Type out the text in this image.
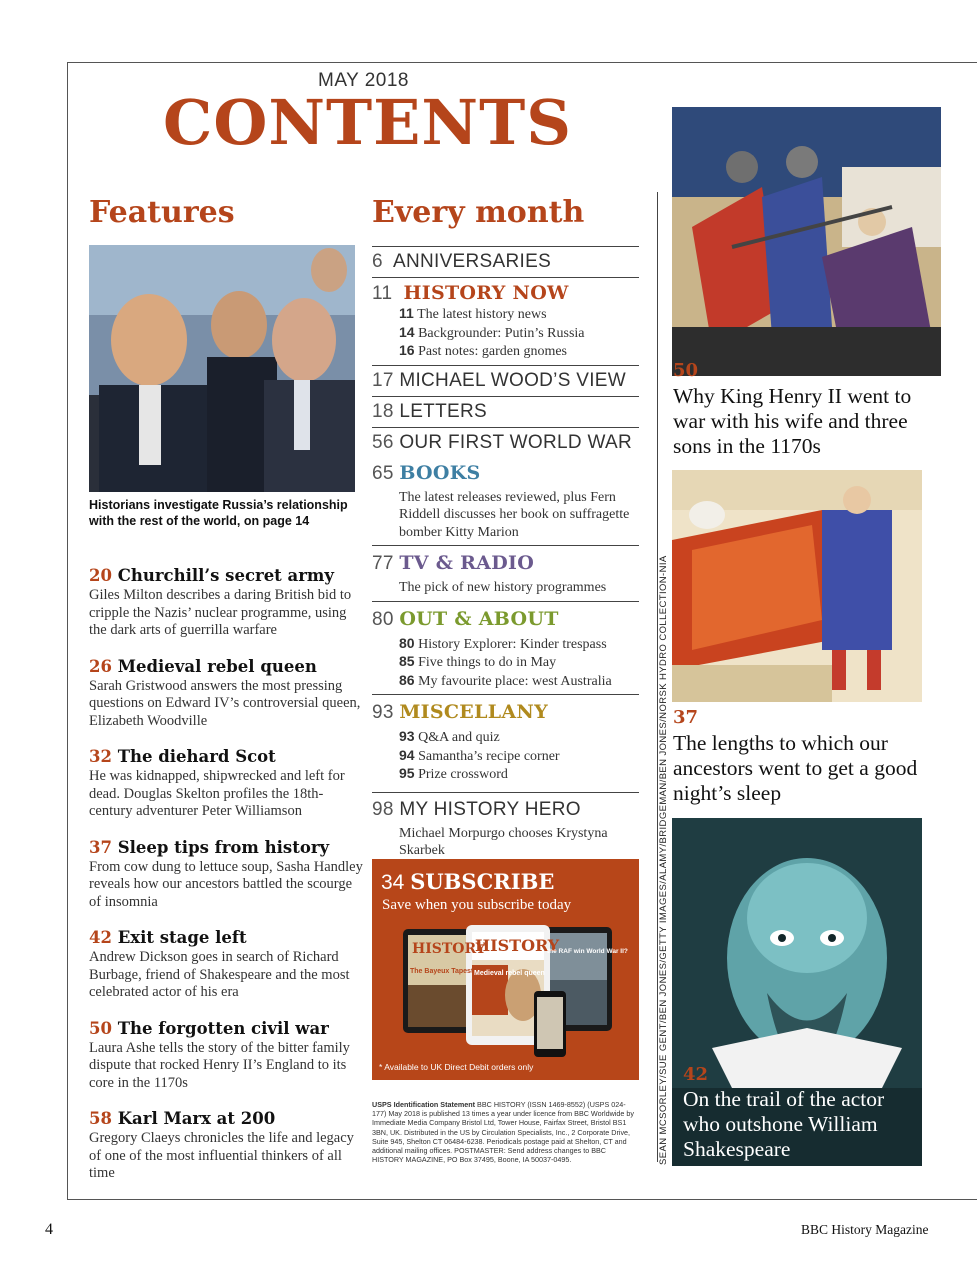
MAY 2018
CONTENTS
Features
Historians investigate Russia’s relationship with the rest of the world, on page 14
20 Churchill’s secret army
Giles Milton describes a daring British bid to cripple the Nazis’ nuclear programme, using the dark arts of guerrilla warfare
26 Medieval rebel queen
Sarah Gristwood answers the most pressing questions on Edward IV’s controversial queen, Elizabeth Woodville
32 The diehard Scot
He was kidnapped, shipwrecked and left for dead. Douglas Skelton profiles the 18th-century adventurer Peter Williamson
37 Sleep tips from history
From cow dung to lettuce soup, Sasha Handley reveals how our ancestors battled the scourge of insomnia
42 Exit stage left
Andrew Dickson goes in search of Richard Burbage, friend of Shakespeare and the most celebrated actor of his era
50 The forgotten civil war
Laura Ashe tells the story of the bitter family dispute that rocked Henry II’s England to its core in the 1170s
58 Karl Marx at 200
Gregory Claeys chronicles the life and legacy of one of the most influential thinkers of all time
Every month
6 ANNIVERSARIES
11 HISTORY NOW
11 The latest history news
14 Backgrounder: Putin’s Russia
16 Past notes: garden gnomes
17 MICHAEL WOOD’S VIEW
18 LETTERS
56 OUR FIRST WORLD WAR
65 BOOKS
The latest releases reviewed, plus Fern Riddell discusses her book on suffragette bomber Kitty Marion
77 TV & RADIO
The pick of new history programmes
80 OUT & ABOUT
80 History Explorer: Kinder trespass
85 Five things to do in May
86 My favourite place: west Australia
93 MISCELLANY
93 Q&A and quiz
94 Samantha’s recipe corner
95 Prize crossword
98 MY HISTORY HERO
Michael Morpurgo chooses Krystyna Skarbek
34 SUBSCRIBE
Save when you subscribe today
HISTORY
The Bayeux Tapestry
HISTORY
Medieval rebel queen
the RAF win World War II?
* Available to UK Direct Debit orders only
USPS Identification Statement BBC HISTORY (ISSN 1469-8552) (USPS 024-177) May 2018 is published 13 times a year under licence from BBC Worldwide by Immediate Media Company Bristol Ltd, Tower House, Fairfax Street, Bristol BS1 3BN, UK. Distributed in the US by Circulation Specialists, Inc., 2 Corporate Drive, Suite 945, Shelton CT 06484-6238. Periodicals postage paid at Shelton, CT and additional mailing offices. POSTMASTER: Send address changes to BBC HISTORY MAGAZINE, PO Box 37495, Boone, IA 50037-0495.	SEAN MCSORLEY/SUE GENT/BEN JONES/GETTY IMAGES/ALAMY/BRIDGEMAN/BEN JONES/NORSK HYDRO COLLECTION-NIA
50
Why King Henry II went to war with his wife and three sons in the 1170s
37
The lengths to which our ancestors went to get a good night’s sleep
42
On the trail of the actor who outshone William Shakespeare
4	BBC History Magazine
